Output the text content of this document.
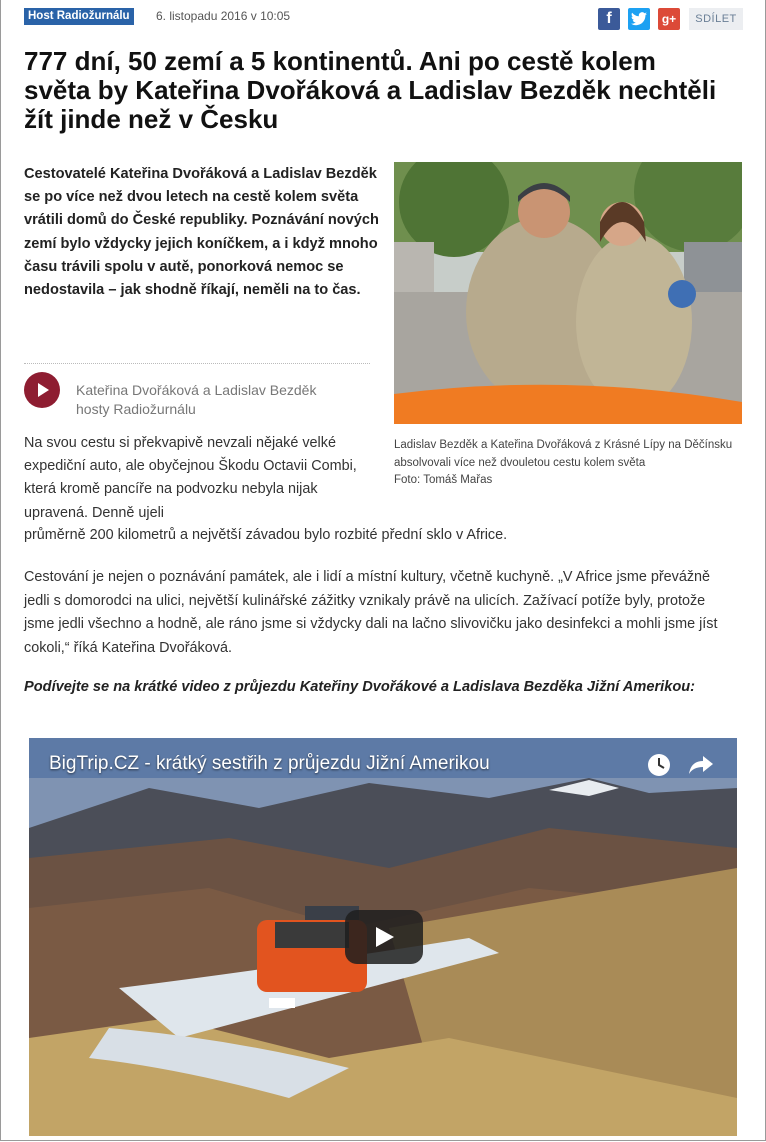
Host Radiožurnálu	6. listopadu 2016 v 10:05	f	g+	SDÍLET
777 dní, 50 zemí a 5 kontinentů. Ani po cestě kolem světa by Kateřina Dvořáková a Ladislav Bezděk nechtěli žít jinde než v Česku
Cestovatelé Kateřina Dvořáková a Ladislav Bezděk se po více než dvou letech na cestě kolem světa vrátili domů do České republiky. Poznávání nových zemí bylo vždycky jejich koníčkem, a i když mnoho času trávili spolu v autě, ponorková nemoc se nedostavila – jak shodně říkají, neměli na to čas.
Kateřina Dvořáková a Ladislav Bezděk
hosty Radiožurnálu
Ladislav Bezděk a Kateřina Dvořáková z Krásné Lípy na Děčínsku absolvovali více než dvouletou cestu kolem světa
Foto: Tomáš Mařas
Na svou cestu si překvapivě nevzali nějaké velké expediční auto, ale obyčejnou Škodu Octavii Combi, která kromě pancíře na podvozku nebyla nijak upravená. Denně ujeli
průměrně 200 kilometrů a největší závadou bylo rozbité přední sklo v Africe.
Cestování je nejen o poznávání památek, ale i lidí a místní kultury, včetně kuchyně. „V Africe jsme převážně jedli s domorodci na ulici, největší kulinářské zážitky vznikaly právě na ulicích. Zažívací potíže byly, protože jsme jedli všechno a hodně, ale ráno jsme si vždycky dali na lačno slivovičku jako desinfekci a mohli jsme jíst cokoli,“ říká Kateřina Dvořáková.
Podívejte se na krátké video z průjezdu Kateřiny Dvořákové a Ladislava Bezděka Jižní Amerikou:
BigTrip.CZ - krátký sestřih z průjezdu Jižní Amerikou
